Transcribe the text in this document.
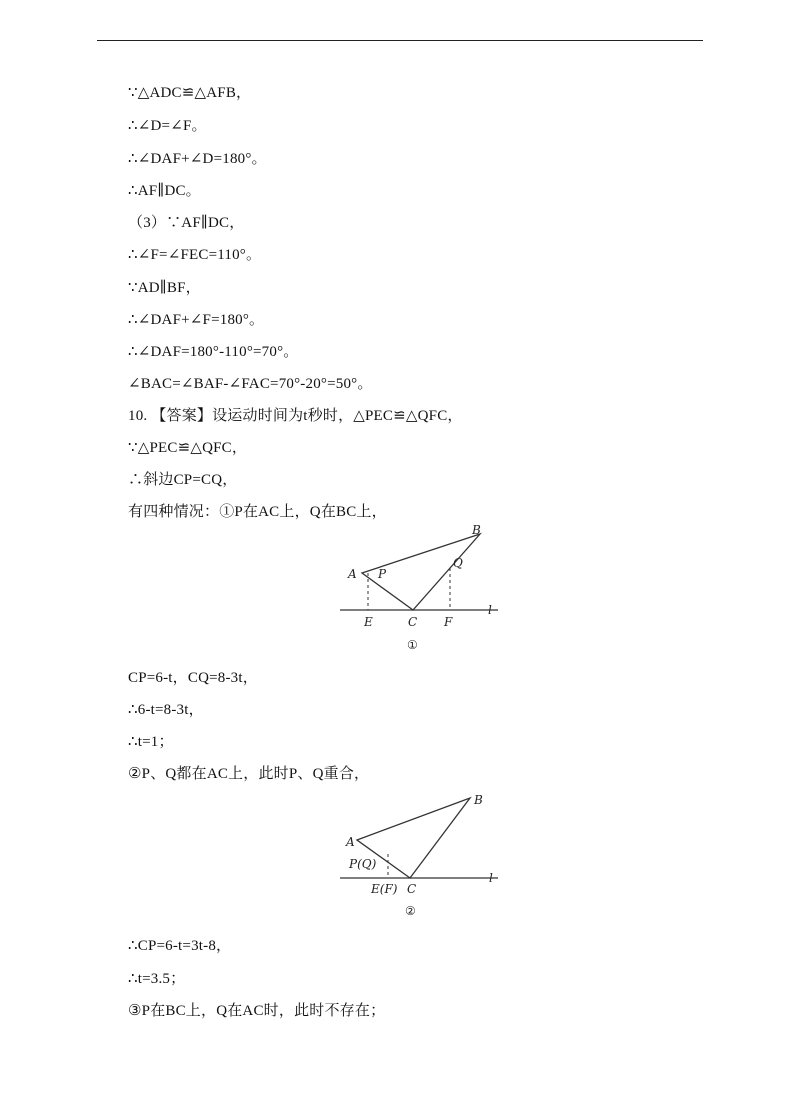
∵△ADC≌△AFB，
∴∠D=∠F。
∴∠DAF+∠D=180°。
∴AF∥DC。
（3）∵AF∥DC，
∴∠F=∠FEC=110°。
∵AD∥BF，
∴∠DAF+∠F=180°。
∴∠DAF=180°-110°=70°。
∠BAC=∠BAF-∠FAC=70°-20°=50°。
10. 【答案】设运动时间为t秒时，△PEC≌△QFC，
∵△PEC≌△QFC，
∴斜边CP=CQ，
有四种情况：①P在AC上，Q在BC上，
A
B
P
Q
E	C F
l
①
CP=6-t，CQ=8-3t，
∴6-t=8-3t，
∴t=1；
②P、Q都在AC上，此时P、Q重合，
A
B
P(Q)
E(F) C
l
②
∴CP=6-t=3t-8，
∴t=3.5；
③P在BC上，Q在AC时，此时不存在；
